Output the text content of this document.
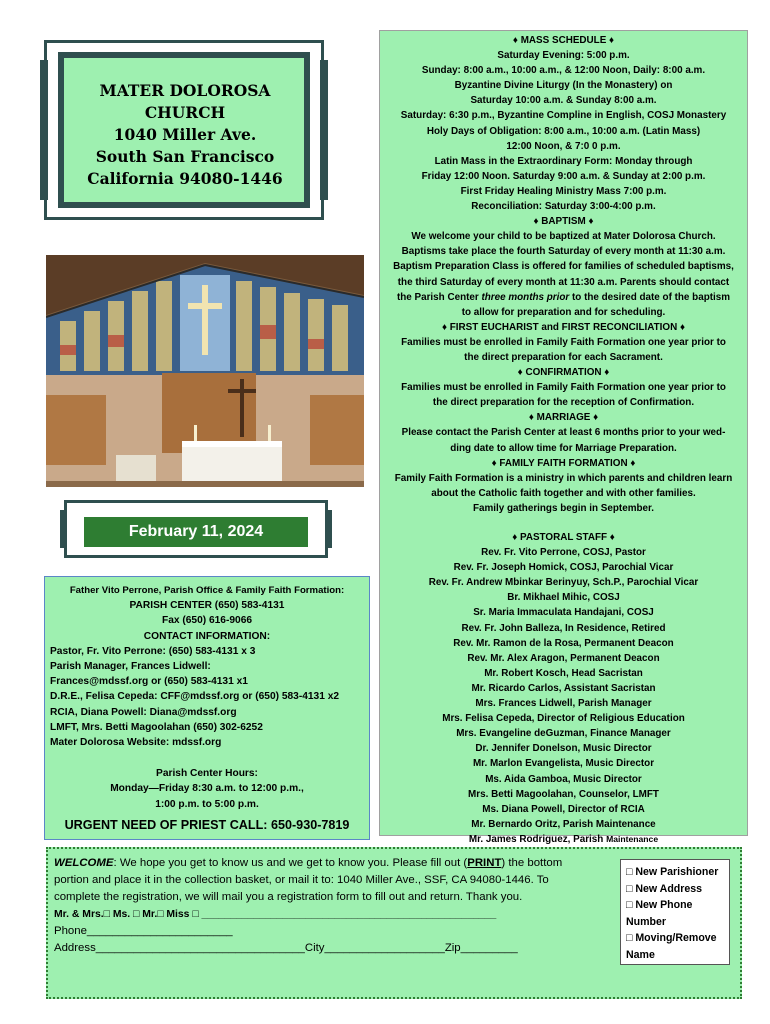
MATER DOLOROSA
CHURCH
1040 Miller Ave.
South San Francisco
California 94080-1446
February 11, 2024
Father Vito Perrone, Parish Office & Family Faith Formation:
PARISH CENTER (650) 583-4131
Fax (650) 616-9066
CONTACT INFORMATION:
Pastor, Fr. Vito Perrone: (650) 583-4131 x 3
Parish Manager, Frances Lidwell:
Frances@mdssf.org or (650) 583-4131 x1
D.R.E., Felisa Cepeda: CFF@mdssf.org or (650) 583-4131 x2
RCIA, Diana Powell: Diana@mdssf.org
LMFT, Mrs. Betti Magoolahan (650) 302-6252
Mater Dolorosa Website: mdssf.org
Parish Center Hours:
Monday—Friday 8:30 a.m. to 12:00 p.m.,
1:00 p.m. to 5:00 p.m.
URGENT NEED OF PRIEST CALL: 650-930-7819
♦ MASS SCHEDULE ♦
Saturday Evening: 5:00 p.m.
Sunday: 8:00 a.m., 10:00 a.m., & 12:00 Noon, Daily: 8:00 a.m.
Byzantine Divine Liturgy (In the Monastery) on
Saturday 10:00 a.m. & Sunday 8:00 a.m.
Saturday: 6:30 p.m., Byzantine Compline in English, COSJ Monastery
Holy Days of Obligation: 8:00 a.m., 10:00 a.m. (Latin Mass)
12:00 Noon, & 7:0 0 p.m.
Latin Mass in the Extraordinary Form: Monday through
Friday 12:00 Noon. Saturday 9:00 a.m. & Sunday at 2:00 p.m.
First Friday Healing Ministry Mass 7:00 p.m.
Reconciliation: Saturday 3:00-4:00 p.m.
♦ BAPTISM ♦
We welcome your child to be baptized at Mater Dolorosa Church.
Baptisms take place the fourth Saturday of every month at 11:30 a.m.
Baptism Preparation Class is offered for families of scheduled baptisms,
the third Saturday of every month at 11:30 a.m. Parents should contact
the Parish Center three months prior to the desired date of the baptism
to allow for preparation and for scheduling.
♦ FIRST EUCHARIST and FIRST RECONCILIATION ♦
Families must be enrolled in Family Faith Formation one year prior to
the direct preparation for each Sacrament.
♦ CONFIRMATION ♦
Families must be enrolled in Family Faith Formation one year prior to
the direct preparation for the reception of Confirmation.
♦ MARRIAGE ♦
Please contact the Parish Center at least 6 months prior to your wed-
ding date to allow time for Marriage Preparation.
♦ FAMILY FAITH FORMATION ♦
Family Faith Formation is a ministry in which parents and children learn
about the Catholic faith together and with other families.
Family gatherings begin in September.
♦ PASTORAL STAFF ♦
Rev. Fr. Vito Perrone, COSJ, Pastor
Rev. Fr. Joseph Homick, COSJ, Parochial Vicar
Rev. Fr. Andrew Mbinkar Berinyuy, Sch.P., Parochial Vicar
Br. Mikhael Mihic, COSJ
Sr. Maria Immaculata Handajani, COSJ
Rev. Fr. John Balleza, In Residence, Retired
Rev. Mr. Ramon de la Rosa, Permanent Deacon
Rev. Mr. Alex Aragon, Permanent Deacon
Mr. Robert Kosch, Head Sacristan
Mr. Ricardo Carlos, Assistant Sacristan
Mrs. Frances Lidwell, Parish Manager
Mrs. Felisa Cepeda, Director of Religious Education
Mrs. Evangeline deGuzman, Finance Manager
Dr. Jennifer Donelson, Music Director
Mr. Marlon Evangelista, Music Director
Ms. Aida Gamboa, Music Director
Mrs. Betti Magoolahan, Counselor, LMFT
Ms. Diana Powell, Director of RCIA
Mr. Bernardo Oritz, Parish Maintenance
Mr. James Rodriguez, Parish Maintenance
WELCOME: We hope you get to know us and we get to know you. Please fill out (PRINT) the bottom
portion and place it in the collection basket, or mail it to: 1040 Miller Ave., SSF, CA 94080-1446. To
complete the registration, we will mail you a registration form to fill out and return. Thank you.
Mr. & Mrs.□ Ms. □ Mr.□ Miss □ ___________________________________________________
Phone_______________________
Address_________________________________City___________________Zip_________
□ New Parishioner
□ New Address
□ New Phone
Number
□ Moving/Remove
Name
